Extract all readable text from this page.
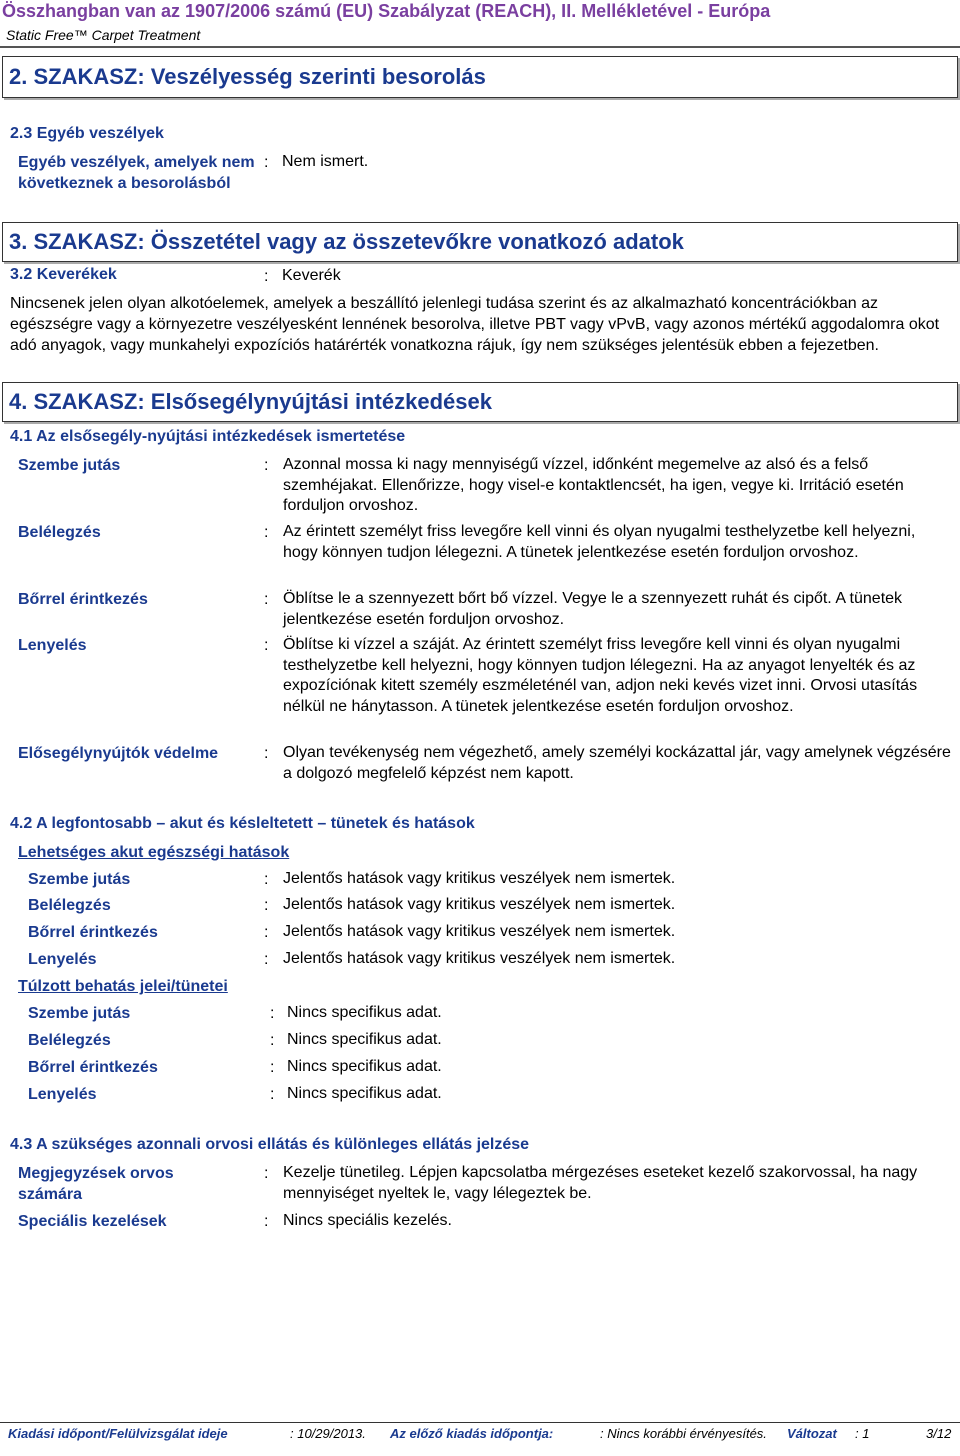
Összhangban van az 1907/2006 számú (EU) Szabályzat (REACH), II. Mellékletével - Európa
Static Free™ Carpet Treatment
2. SZAKASZ: Veszélyesség szerinti besorolás
2.3 Egyéb veszélyek
Egyéb veszélyek, amelyek nem következnek a besorolásból
: Nem ismert.
3. SZAKASZ: Összetétel vagy az összetevőkre vonatkozó adatok
3.2 Keverékek	: Keverék
Nincsenek jelen olyan alkotóelemek, amelyek a beszállító jelenlegi tudása szerint és az alkalmazható koncentrációkban az egészségre vagy a környezetre veszélyesként lennének besorolva, illetve PBT vagy vPvB, vagy azonos mértékű aggodalomra okot adó anyagok, vagy munkahelyi expozíciós határérték vonatkozna rájuk, így nem szükséges jelentésük ebben a fejezetben.
4. SZAKASZ: Elsősegélynyújtási intézkedések
4.1 Az elsősegély-nyújtási intézkedések ismertetése
Szembe jutás	: Azonnal mossa ki nagy mennyiségű vízzel, időnként megemelve az alsó és a felső szemhéjakat. Ellenőrizze, hogy visel-e kontaktlencsét, ha igen, vegye ki. Irritáció esetén forduljon orvoshoz.
Belélegzés	: Az érintett személyt friss levegőre kell vinni és olyan nyugalmi testhelyzetbe kell helyezni, hogy könnyen tudjon lélegezni. A tünetek jelentkezése esetén forduljon orvoshoz.
Bőrrel érintkezés	: Öblítse le a szennyezett bőrt bő vízzel. Vegye le a szennyezett ruhát és cipőt. A tünetek jelentkezése esetén forduljon orvoshoz.
Lenyelés	: Öblítse ki vízzel a száját. Az érintett személyt friss levegőre kell vinni és olyan nyugalmi testhelyzetbe kell helyezni, hogy könnyen tudjon lélegezni. Ha az anyagot lenyelték és az expozíciónak kitett személy eszméleténél van, adjon neki kevés vizet inni. Orvosi utasítás nélkül ne hánytasson. A tünetek jelentkezése esetén forduljon orvoshoz.
Elősegélynyújtók védelme	: Olyan tevékenység nem végezhető, amely személyi kockázattal jár, vagy amelynek végzésére a dolgozó megfelelő képzést nem kapott.
4.2 A legfontosabb – akut és késleltetett – tünetek és hatások
Lehetséges akut egészségi hatások
Szembe jutás	: Jelentős hatások vagy kritikus veszélyek nem ismertek.
Belélegzés	: Jelentős hatások vagy kritikus veszélyek nem ismertek.
Bőrrel érintkezés	: Jelentős hatások vagy kritikus veszélyek nem ismertek.
Lenyelés	: Jelentős hatások vagy kritikus veszélyek nem ismertek.
Túlzott behatás jelei/tünetei
Szembe jutás	: Nincs specifikus adat.
Belélegzés	: Nincs specifikus adat.
Bőrrel érintkezés	: Nincs specifikus adat.
Lenyelés	: Nincs specifikus adat.
4.3 A szükséges azonnali orvosi ellátás és különleges ellátás jelzése
Megjegyzések orvos számára
: Kezelje tünetileg. Lépjen kapcsolatba mérgezéses eseteket kezelő szakorvossal, ha nagy mennyiséget nyeltek le, vagy lélegeztek be.
Speciális kezelések	: Nincs speciális kezelés.
Kiadási időpont/Felülvizsgálat ideje	: 10/29/2013. Az előző kiadás időpontja:	: Nincs korábbi érvényesítés. Változat : 1	3/12
